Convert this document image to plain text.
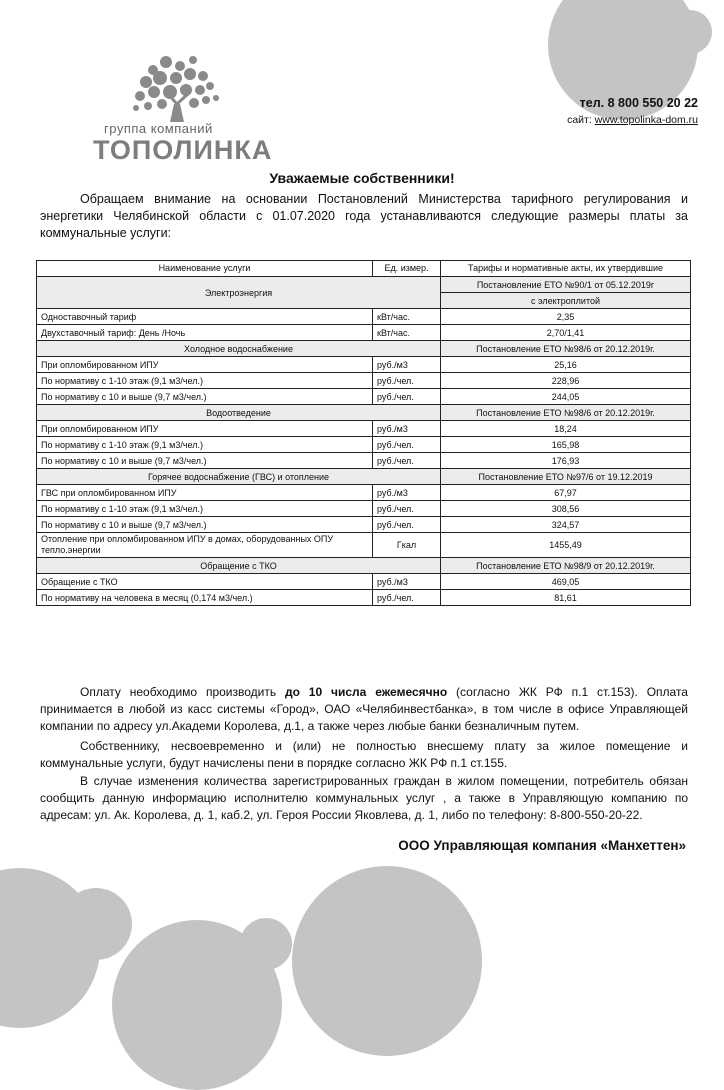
группа компаний
ТОПОЛИНКА
тел. 8 800 550 20 22
сайт: www.topolinka-dom.ru
Уважаемые собственники!

Обращаем внимание на основании Постановлений Министерства тарифного регулирования и энергетики Челябинской области с 01.07.2020 года устанавливаются следующие размеры платы за коммунальные услуги:

Наименование услуги	Ед. измер.	Тарифы и нормативные акты, их утвердившие
Электроэнергия		Постановление ЕТО №90/1 от 05.12.2019г
		с электроплитой
Одноставочный тариф	кВт/час.	2,35
Двухставочный тариф: День /Ночь	кВт/час.	2,70/1,41
Холодное водоснабжение		Постановление ЕТО №98/6 от 20.12.2019г.
При опломбированном ИПУ	руб./м3	25,16
По нормативу с 1-10 этаж (9,1 м3/чел.)	руб./чел.	228,96
По нормативу с 10 и выше (9,7 м3/чел.)	руб./чел.	244,05
Водоотведение		Постановление ЕТО №98/6 от 20.12.2019г.
При опломбированном ИПУ	руб./м3	18,24
По нормативу с 1-10 этаж (9,1 м3/чел.)	руб./чел.	165,98
По нормативу с 10 и выше (9,7 м3/чел.)	руб./чел.	176,93
Горячее водоснабжение (ГВС) и отопление		Постановление ЕТО №97/6 от 19.12.2019
ГВС при опломбированном ИПУ	руб./м3	67,97
По нормативу с 1-10 этаж (9,1 м3/чел.)	руб./чел.	308,56
По нормативу с 10 и выше (9,7 м3/чел.)	руб./чел.	324,57
Отопление при опломбированном ИПУ в домах, оборудованных ОПУ тепло.энергии	Гкал	1455,49
Обращение с ТКО		Постановление ЕТО №98/9 от 20.12.2019г.
Обращение с ТКО	руб./м3	469,05
По нормативу на человека в месяц (0,174 м3/чел.)	руб./чел.	81,61

Оплату необходимо производить до 10 числа ежемесячно (согласно ЖК РФ п.1 ст.153). Оплата принимается в любой из касс системы «Город», ОАО «Челябинвестбанка», в том числе в офисе Управляющей компании по адресу ул.Академи Королева, д.1, а также через любые банки безналичным путем.

Собственнику, несвоевременно и (или) не полностью внесшему плату за жилое помещение и коммунальные услуги, будут начислены пени в порядке согласно ЖК РФ п.1 ст.155.

В случае изменения количества зарегистрированных граждан в жилом помещении, потребитель обязан сообщить данную информацию исполнителю коммунальных услуг , а также в Управляющую компанию по адресам: ул. Ак. Королева, д. 1, каб.2, ул. Героя России Яковлева, д. 1, либо по телефону: 8-800-550-20-22.

ООО Управляющая компания «Манхеттен»
